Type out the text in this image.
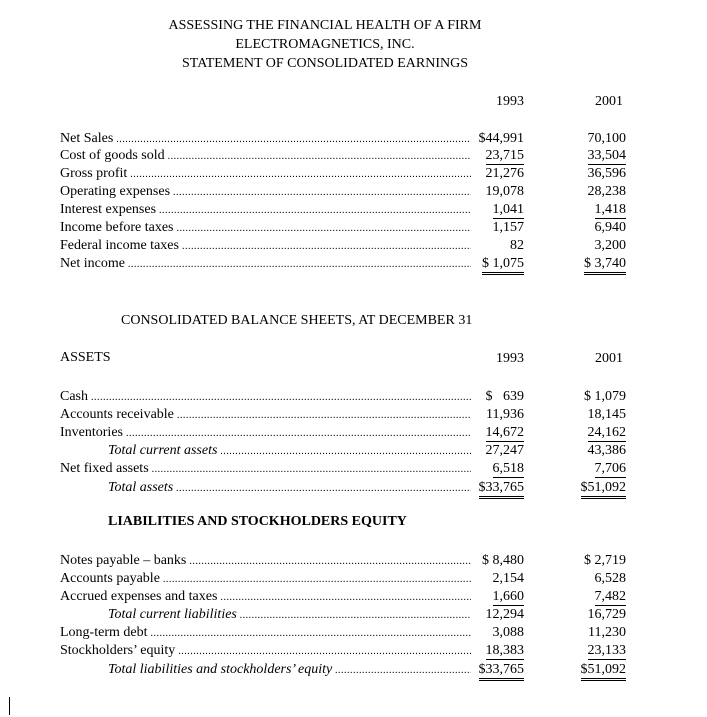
ASSESSING THE FINANCIAL HEALTH OF A FIRM
ELECTROMAGNETICS, INC.
STATEMENT OF CONSOLIDATED EARNINGS
1993	2001
Net Sales .....	$44,991	70,100
Cost of goods sold .....	23,715	33,504
Gross profit .....	21,276	36,596
Operating expenses .....	19,078	28,238
Interest expenses .....	1,041	1,418
Income before taxes .....	1,157	6,940
Federal income taxes .....	82	3,200
Net income .....	$ 1,075	$ 3,740
CONSOLIDATED BALANCE SHEETS, AT DECEMBER 31
ASSETS	1993	2001
Cash .....	$   639	$ 1,079
Accounts receivable .....	11,936	18,145
Inventories .....	14,672	24,162
Total current assets .....	27,247	43,386
Net fixed assets .....	6,518	7,706
Total assets .....	$33,765	$51,092
LIABILITIES AND STOCKHOLDERS EQUITY
Notes payable – banks .....	$ 8,480	$ 2,719
Accounts payable .....	2,154	6,528
Accrued expenses and taxes .....	1,660	7,482
Total current liabilities .....	12,294	16,729
Long-term debt .....	3,088	11,230
Stockholders’ equity .....	18,383	23,133
Total liabilities and stockholders’ equity .....	$33,765	$51,092
